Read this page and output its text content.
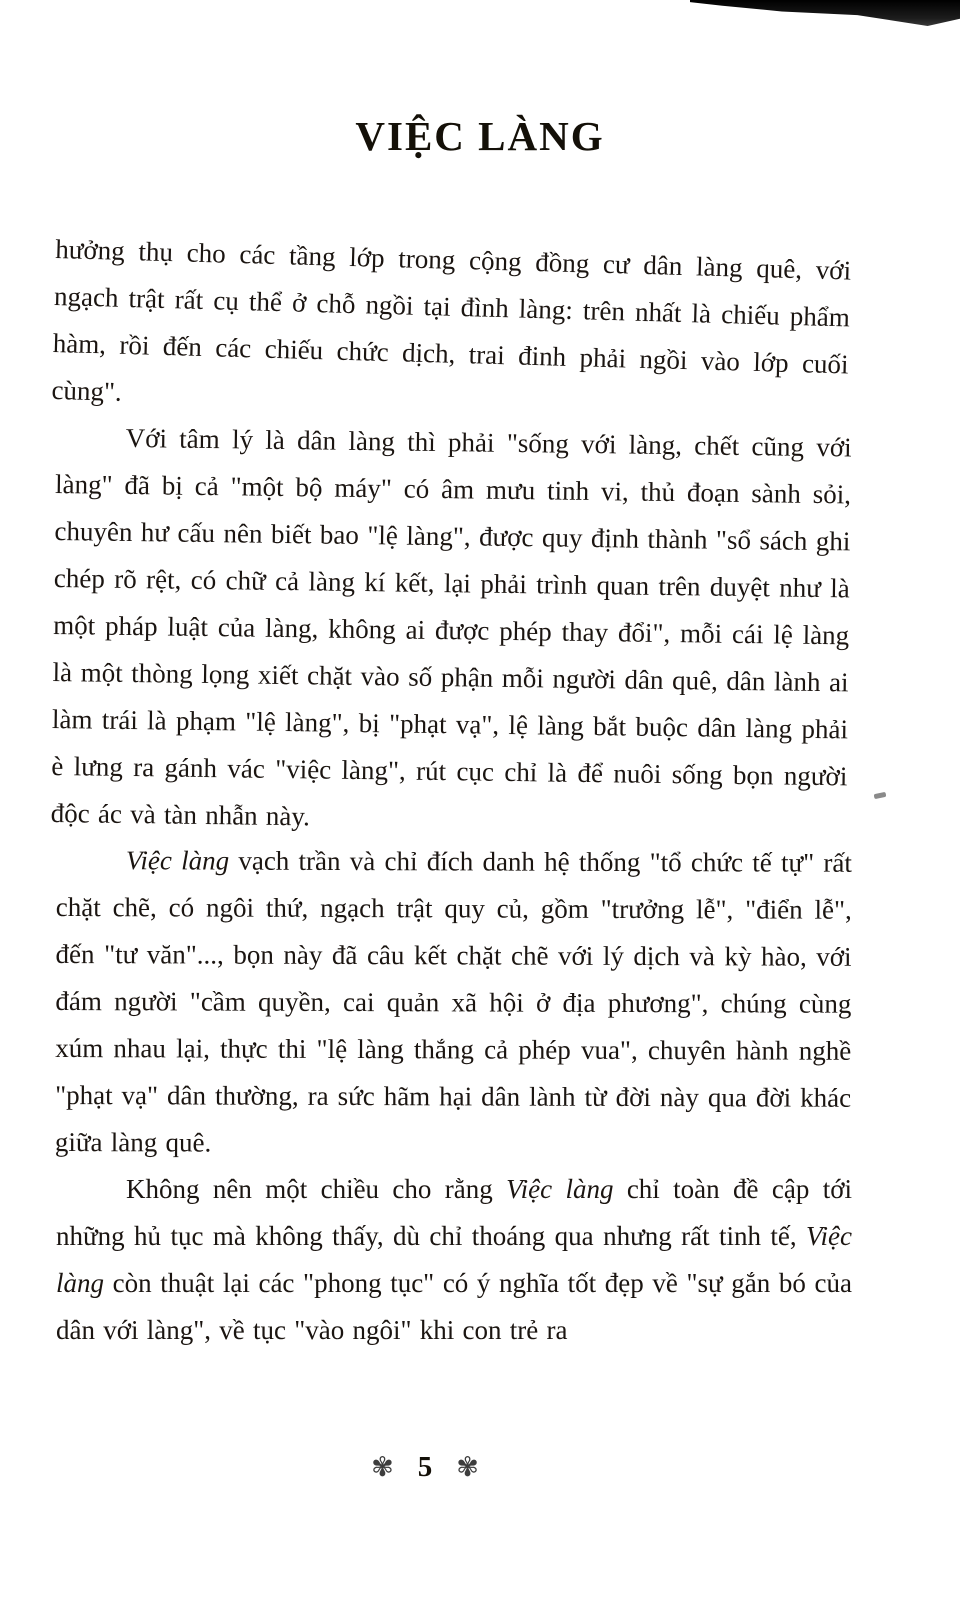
VIỆC LÀNG

hưởng thụ cho các tầng lớp trong cộng đồng cư dân làng quê, với ngạch trật rất cụ thể ở chỗ ngồi tại đình làng: trên nhất là chiếu phẩm hàm, rồi đến các chiếu chức dịch, trai đinh phải ngồi vào lớp cuối cùng".

Với tâm lý là dân làng thì phải "sống với làng, chết cũng với làng" đã bị cả "một bộ máy" có âm mưu tinh vi, thủ đoạn sành sỏi, chuyên hư cấu nên biết bao "lệ làng", được quy định thành "sổ sách ghi chép rõ rệt, có chữ cả làng kí kết, lại phải trình quan trên duyệt như là một pháp luật của làng, không ai được phép thay đổi", mỗi cái lệ làng là một thòng lọng xiết chặt vào số phận mỗi người dân quê, dân lành ai làm trái là phạm "lệ làng", bị "phạt vạ", lệ làng bắt buộc dân làng phải è lưng ra gánh vác "việc làng", rút cục chỉ là để nuôi sống bọn người độc ác và tàn nhẫn này.

Việc làng vạch trần và chỉ đích danh hệ thống "tổ chức tế tự" rất chặt chẽ, có ngôi thứ, ngạch trật quy củ, gồm "trưởng lễ", "điển lễ", đến "tư văn"..., bọn này đã câu kết chặt chẽ với lý dịch và kỳ hào, với đám người "cầm quyền, cai quản xã hội ở địa phương", chúng cùng xúm nhau lại, thực thi "lệ làng thắng cả phép vua", chuyên hành nghề "phạt vạ" dân thường, ra sức hãm hại dân lành từ đời này qua đời khác giữa làng quê.

Không nên một chiều cho rằng Việc làng chỉ toàn đề cập tới những hủ tục mà không thấy, dù chỉ thoáng qua nhưng rất tinh tế, Việc làng còn thuật lại các "phong tục" có ý nghĩa tốt đẹp về "sự gắn bó của dân với làng", về tục "vào ngôi" khi con trẻ ra

✾ 5 ✾
